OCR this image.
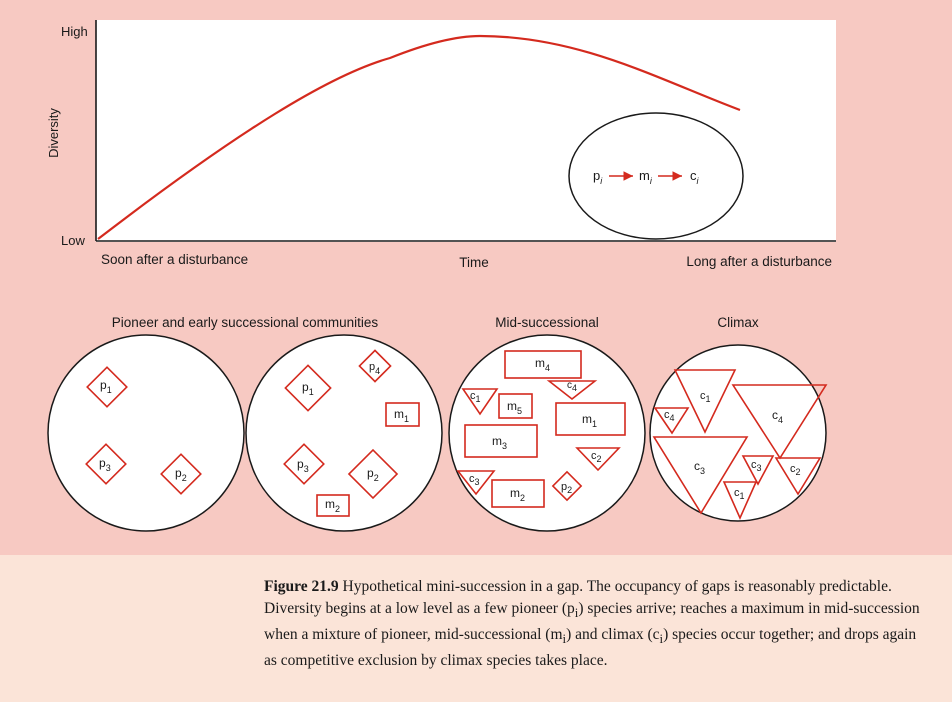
High
Low
Diversity
Soon after a disturbance	Time	Long after a disturbance
$p_i$	$m_i$	$c_i$
Pioneer and early successional communities	Mid-successional	Climax
$p_1$
$p_3$	$p_2$
$p_1$
$p_4$
$m_1$
$p_3$	$p_2$
$m_2$
$m_4$
c4
$c_1$ $m_5$
$m_1$
$m_3$
$c_2$
$c_3$
$m_2$
$p_2$
$c_1$
$c_4$	$c_4$
$c_3$	$c_3$	$c_2$
$c_1$
Figure 21.9 Hypothetical mini-succession in a gap. The occupancy of gaps is reasonably predictable. Diversity begins at a low level as a few pioneer $(p_i)$ species arrive; reaches a maximum in mid-succession when a mixture of pioneer, mid-successional $(m_i)$ and climax $(c_i)$ species occur together; and drops again as competitive exclusion by climax species takes place.
